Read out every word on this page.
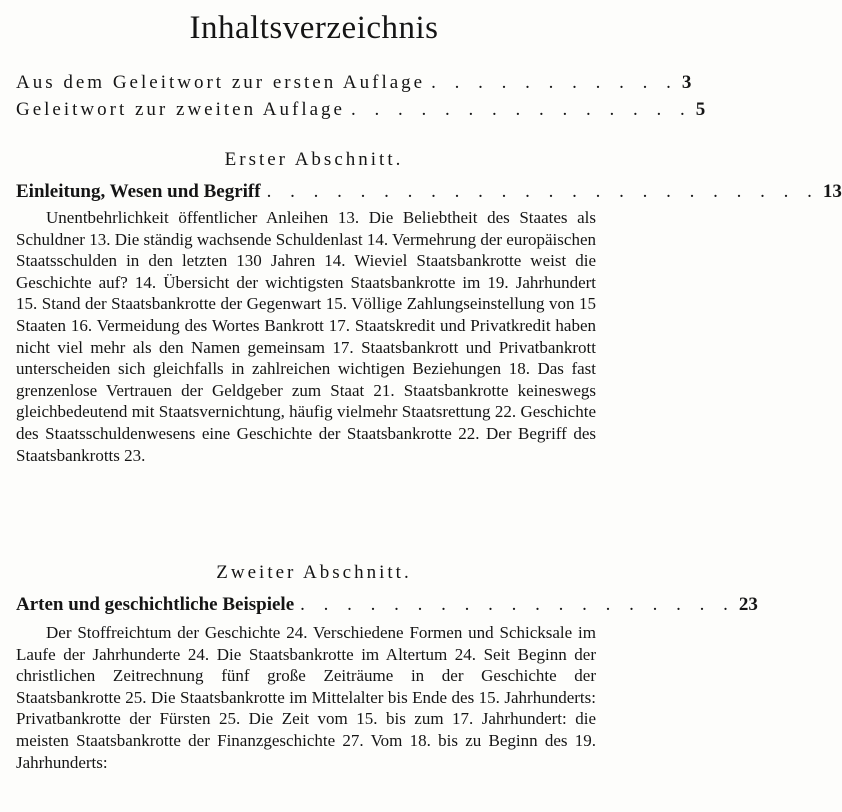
Inhaltsverzeichnis
Aus dem Geleitwort zur ersten Auflage . . . . . . . . . . . 3
Geleitwort zur zweiten Auflage . . . . . . . . . . . . . . . 5
Erster Abschnitt.
Einleitung, Wesen und Begriff . . . . . . . . . . . . . . . . . . . . . . . . 13
Unentbehrlichkeit öffentlicher Anleihen 13. Die Beliebtheit des Staates als Schuldner 13. Die ständig wachsende Schuldenlast 14. Vermehrung der europäischen Staatsschulden in den letzten 130 Jahren 14. Wieviel Staatsbankrotte weist die Geschichte auf? 14. Übersicht der wichtigsten Staatsbankrotte im 19. Jahrhundert 15. Stand der Staatsbankrotte der Gegenwart 15. Völlige Zahlungseinstellung von 15 Staaten 16. Vermeidung des Wortes Bankrott 17. Staatskredit und Privatkredit haben nicht viel mehr als den Namen gemeinsam 17. Staatsbankrott und Privatbankrott unterscheiden sich gleichfalls in zahlreichen wichtigen Beziehungen 18. Das fast grenzenlose Vertrauen der Geldgeber zum Staat 21. Staatsbankrotte keineswegs gleichbedeutend mit Staatsvernichtung, häufig vielmehr Staatsrettung 22. Geschichte des Staatsschuldenwesens eine Geschichte der Staatsbankrotte 22. Der Begriff des Staatsbankrotts 23.
Zweiter Abschnitt.
Arten und geschichtliche Beispiele . . . . . . . . . . . . . . . . . . . 23
Der Stoffreichtum der Geschichte 24. Verschiedene Formen und Schicksale im Laufe der Jahrhunderte 24. Die Staatsbankrotte im Altertum 24. Seit Beginn der christlichen Zeitrechnung fünf große Zeiträume in der Geschichte der Staatsbankrotte 25. Die Staatsbankrotte im Mittelalter bis Ende des 15. Jahrhunderts: Privatbankrotte der Fürsten 25. Die Zeit vom 15. bis zum 17. Jahrhundert: die meisten Staatsbankrotte der Finanzgeschichte 27. Vom 18. bis zu Beginn des 19. Jahrhunderts:
